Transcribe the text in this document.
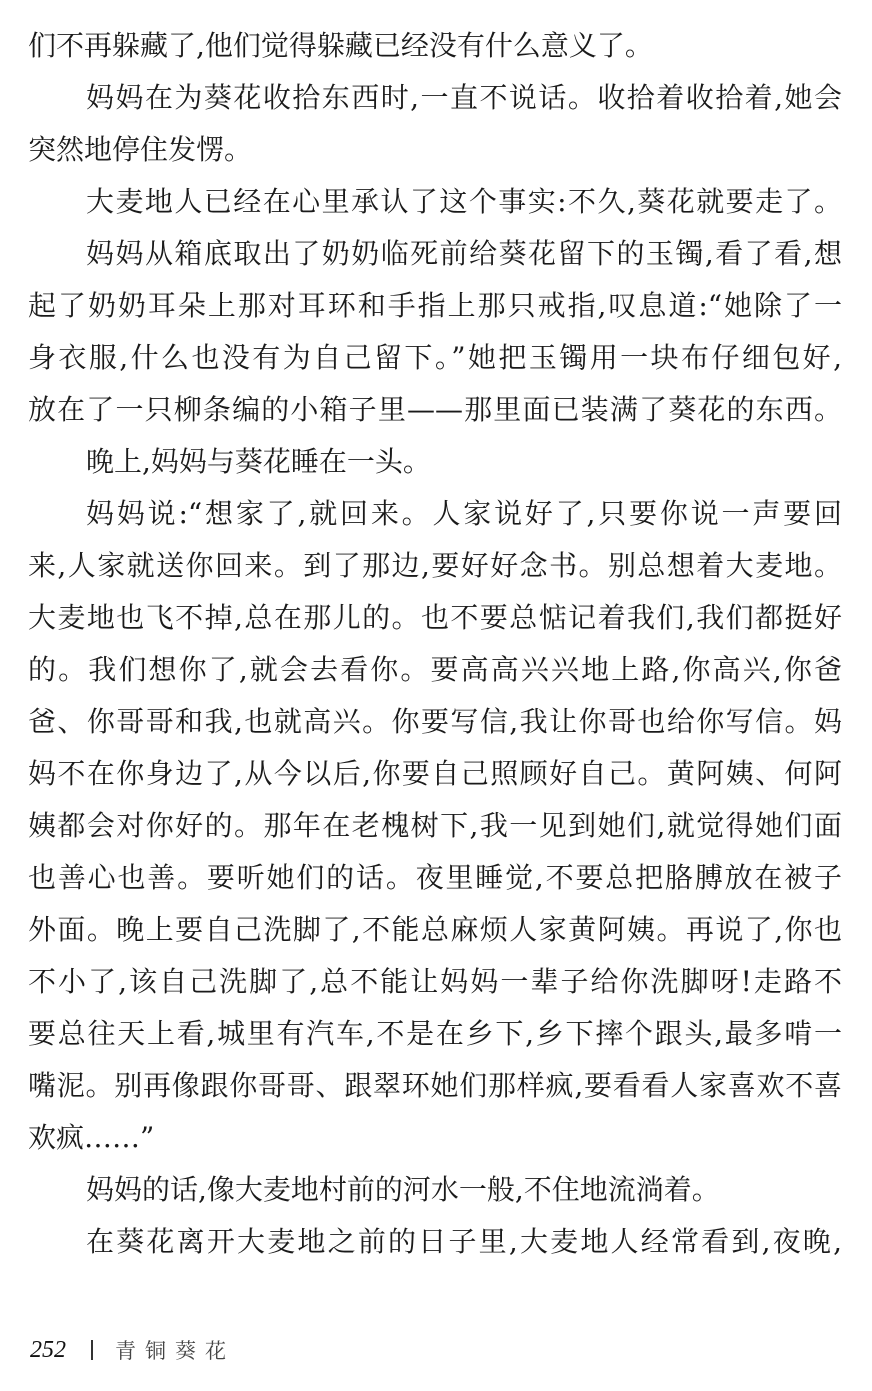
们不再躲藏了,他们觉得躲藏已经没有什么意义了。
妈妈在为葵花收拾东西时,一直不说话。收拾着收拾着,她会
突然地停住发愣。
大麦地人已经在心里承认了这个事实:不久,葵花就要走了。
妈妈从箱底取出了奶奶临死前给葵花留下的玉镯,看了看,想
起了奶奶耳朵上那对耳环和手指上那只戒指,叹息道:“她除了一
身衣服,什么也没有为自己留下。”她把玉镯用一块布仔细包好,
放在了一只柳条编的小箱子里——那里面已装满了葵花的东西。
晚上,妈妈与葵花睡在一头。
妈妈说:“想家了,就回来。人家说好了,只要你说一声要回
来,人家就送你回来。到了那边,要好好念书。别总想着大麦地。
大麦地也飞不掉,总在那儿的。也不要总惦记着我们,我们都挺好
的。我们想你了,就会去看你。要高高兴兴地上路,你高兴,你爸
爸、你哥哥和我,也就高兴。你要写信,我让你哥也给你写信。妈
妈不在你身边了,从今以后,你要自己照顾好自己。黄阿姨、何阿
姨都会对你好的。那年在老槐树下,我一见到她们,就觉得她们面
也善心也善。要听她们的话。夜里睡觉,不要总把胳膊放在被子
外面。晚上要自己洗脚了,不能总麻烦人家黄阿姨。再说了,你也
不小了,该自己洗脚了,总不能让妈妈一辈子给你洗脚呀!走路不
要总往天上看,城里有汽车,不是在乡下,乡下摔个跟头,最多啃一
嘴泥。别再像跟你哥哥、跟翠环她们那样疯,要看看人家喜欢不喜
欢疯……”
妈妈的话,像大麦地村前的河水一般,不住地流淌着。
在葵花离开大麦地之前的日子里,大麦地人经常看到,夜晚,
252	青铜葵花
